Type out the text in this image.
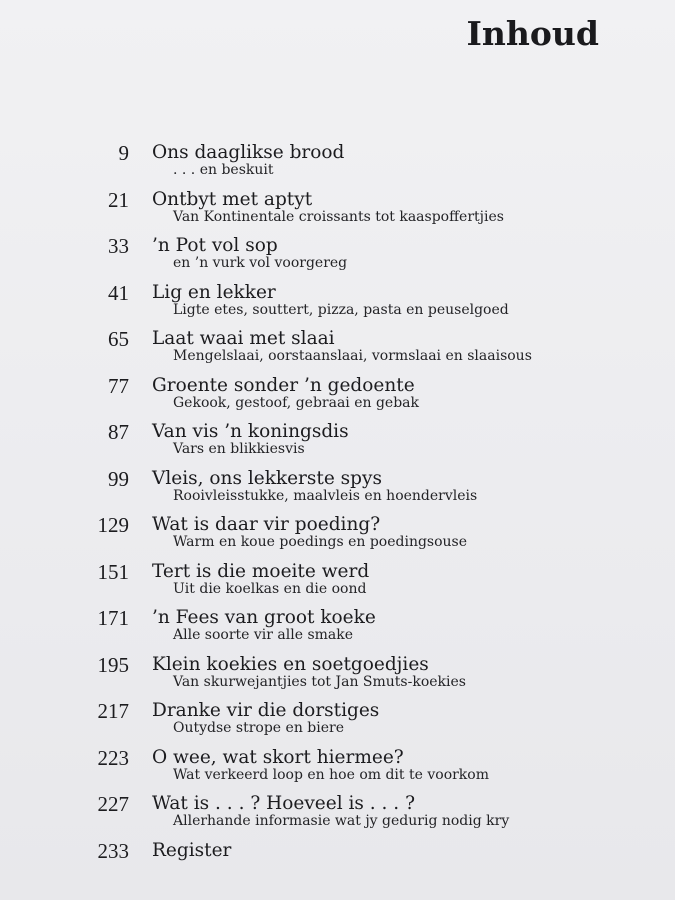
Inhoud
9 Ons daaglikse brood
. . . en beskuit
21 Ontbyt met aptyt
Van Kontinentale croissants tot kaaspoffertjies
33 ’n Pot vol sop
en ’n vurk vol voorgereg
41 Lig en lekker
Ligte etes, souttert, pizza, pasta en peuselgoed
65 Laat waai met slaai
Mengelslaai, oorstaanslaai, vormslaai en slaaisous
77 Groente sonder ’n gedoente
Gekook, gestoof, gebraai en gebak
87 Van vis ’n koningsdis
Vars en blikkiesvis
99 Vleis, ons lekkerste spys
Rooivleisstukke, maalvleis en hoendervleis
129 Wat is daar vir poeding?
Warm en koue poedings en poedingsouse
151 Tert is die moeite werd
Uit die koelkas en die oond
171 ’n Fees van groot koeke
Alle soorte vir alle smake
195 Klein koekies en soetgoedjies
Van skurwejantjies tot Jan Smuts-koekies
217 Dranke vir die dorstiges
Outydse strope en biere
223 O wee, wat skort hiermee?
Wat verkeerd loop en hoe om dit te voorkom
227 Wat is . . . ? Hoeveel is . . . ?
Allerhande informasie wat jy gedurig nodig kry
233 Register
